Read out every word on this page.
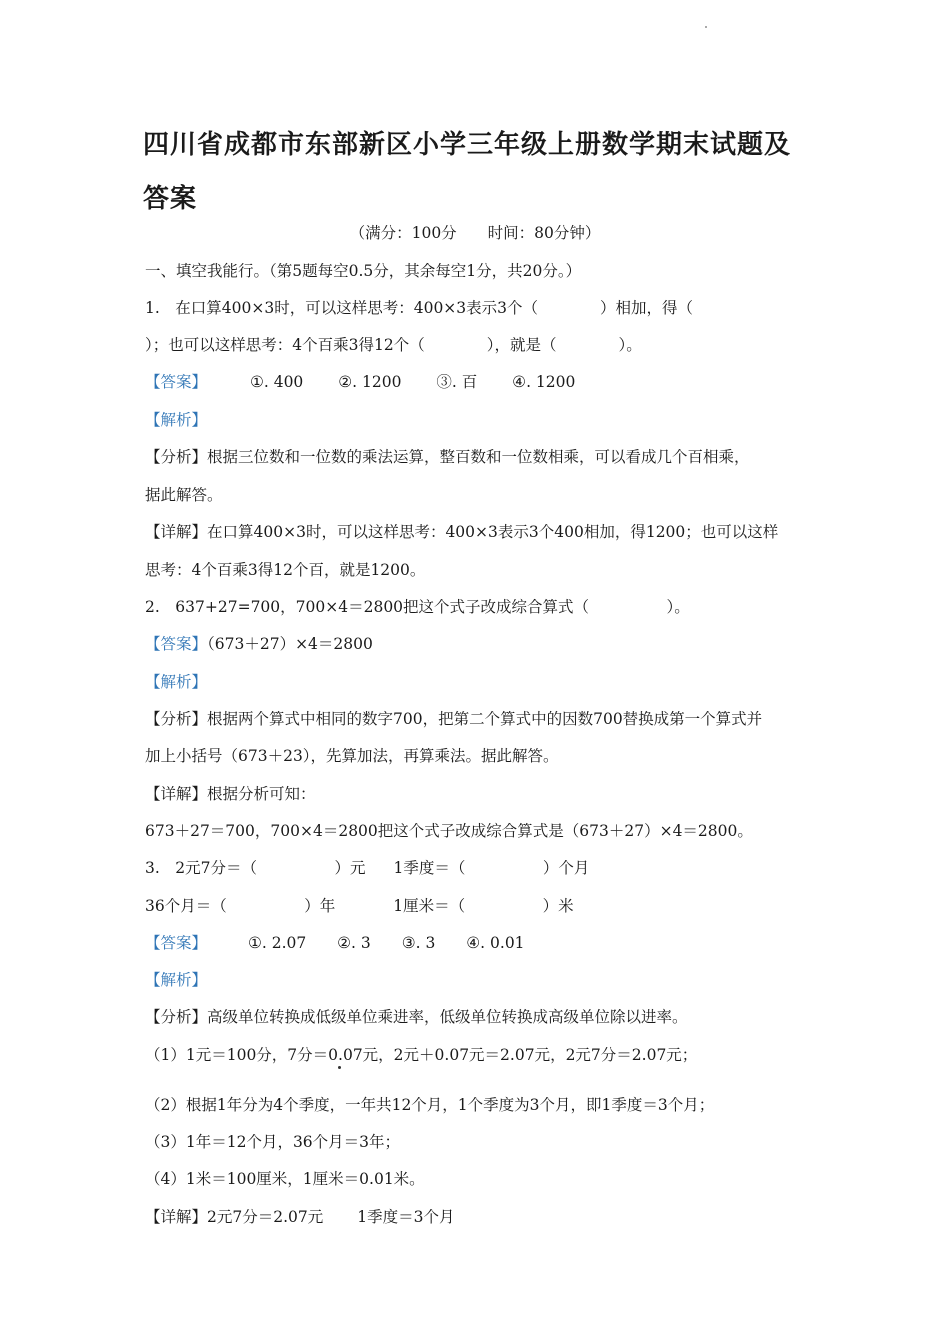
四川省成都市东部新区小学三年级上册数学期末试题及答案
（满分：100分　　时间：80分钟）
一、填空我能行。（第5题每空0.5分，其余每空1分，共20分。）
1.　在口算400×3时，可以这样思考：400×3表示3个（　　　　）相加，得（
）；也可以这样思考：4个百乘3得12个（　　　　），就是（　　　　）。
【答案】	①. 400 ②. 1200 ③. 百 ④. 1200
【解析】
【分析】根据三位数和一位数的乘法运算，整百数和一位数相乘，可以看成几个百相乘，
据此解答。
【详解】在口算400×3时，可以这样思考：400×3表示3个400相加，得1200；也可以这样
思考：4个百乘3得12个百，就是1200。
2.　637+27=700，700×4＝2800把这个式子改成综合算式（　　　　　）。
【答案】（673＋27）×4＝2800
【解析】
【分析】根据两个算式中相同的数字700，把第二个算式中的因数700替换成第一个算式并
加上小括号（673＋23），先算加法，再算乘法。据此解答。
【详解】根据分析可知：
673＋27＝700，700×4＝2800把这个式子改成综合算式是（673＋27）×4＝2800。
3.　2元7分＝（　　　　　）元 1季度＝（　　　　　）个月
36个月＝（　　　　　）年	1厘米＝（　　　　　）米
【答案】	①. 2.07 ②. 3 ③. 3 ④. 0.01
【解析】
【分析】高级单位转换成低级单位乘进率，低级单位转换成高级单位除以进率。
（1）1元＝100分，7分＝0.07元，2元＋0.07元＝2.07元，2元7分＝2.07元；
（2）根据1年分为4个季度，一年共12个月，1个季度为3个月，即1季度＝3个月；
（3）1年＝12个月，36个月＝3年；
（4）1米＝100厘米，1厘米＝0.01米。
【详解】2元7分＝2.07元 1季度＝3个月
